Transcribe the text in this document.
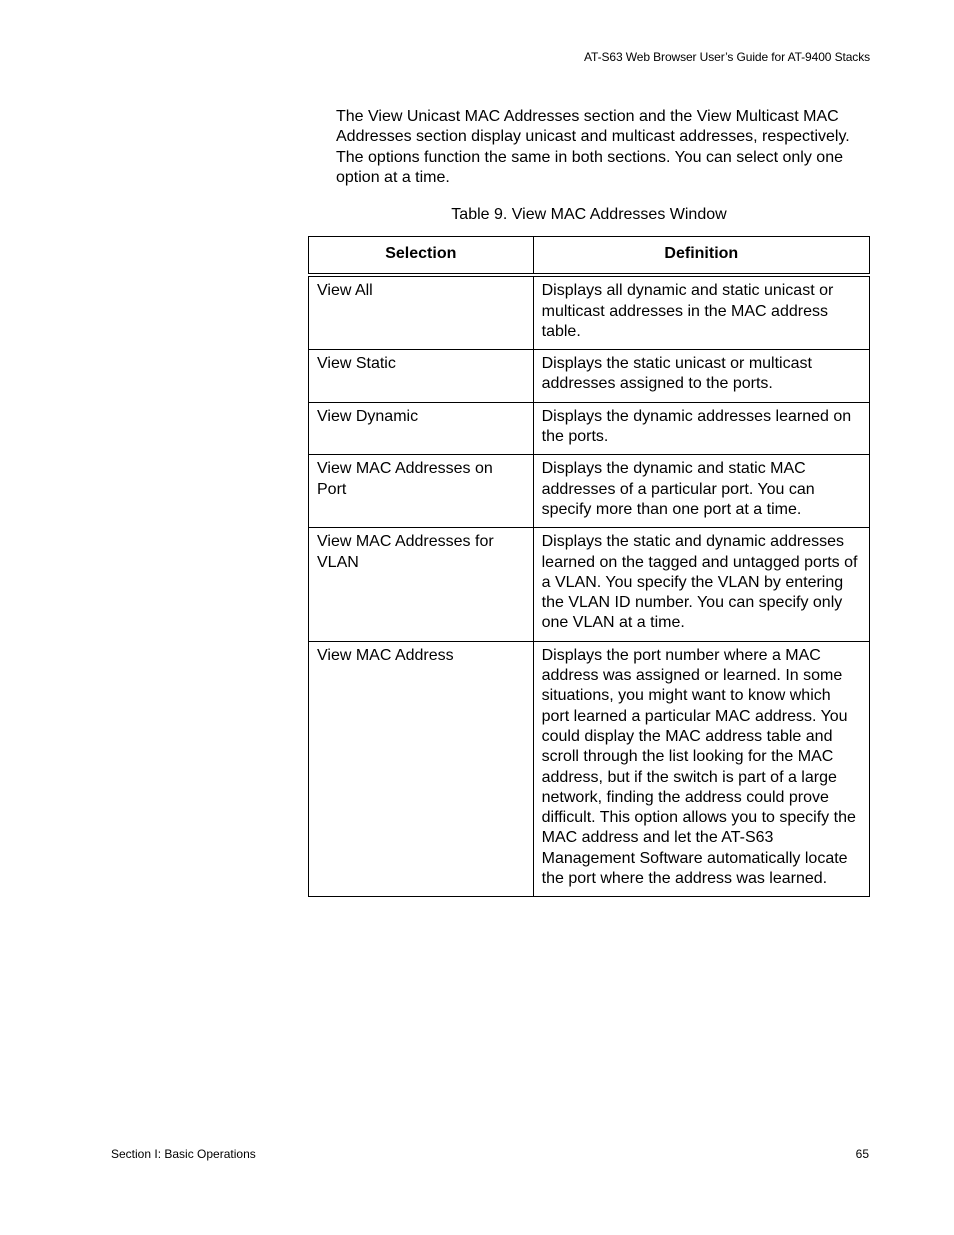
AT-S63 Web Browser User’s Guide for AT-9400 Stacks

The View Unicast MAC Addresses section and the View Multicast MAC Addresses section display unicast and multicast addresses, respectively. The options function the same in both sections. You can select only one option at a time.

Table 9. View MAC Addresses Window
Selection	Definition
View All	Displays all dynamic and static unicast or multicast addresses in the MAC address table.
View Static	Displays the static unicast or multicast addresses assigned to the ports.
View Dynamic	Displays the dynamic addresses learned on the ports.
View MAC Addresses on Port	Displays the dynamic and static MAC addresses of a particular port. You can specify more than one port at a time.
View MAC Addresses for VLAN	Displays the static and dynamic addresses learned on the tagged and untagged ports of a VLAN. You specify the VLAN by entering the VLAN ID number. You can specify only one VLAN at a time.
View MAC Address	Displays the port number where a MAC address was assigned or learned. In some situations, you might want to know which port learned a particular MAC address. You could display the MAC address table and scroll through the list looking for the MAC address, but if the switch is part of a large network, finding the address could prove difficult. This option allows you to specify the MAC address and let the AT-S63 Management Software automatically locate the port where the address was learned.
Section I: Basic Operations	65
